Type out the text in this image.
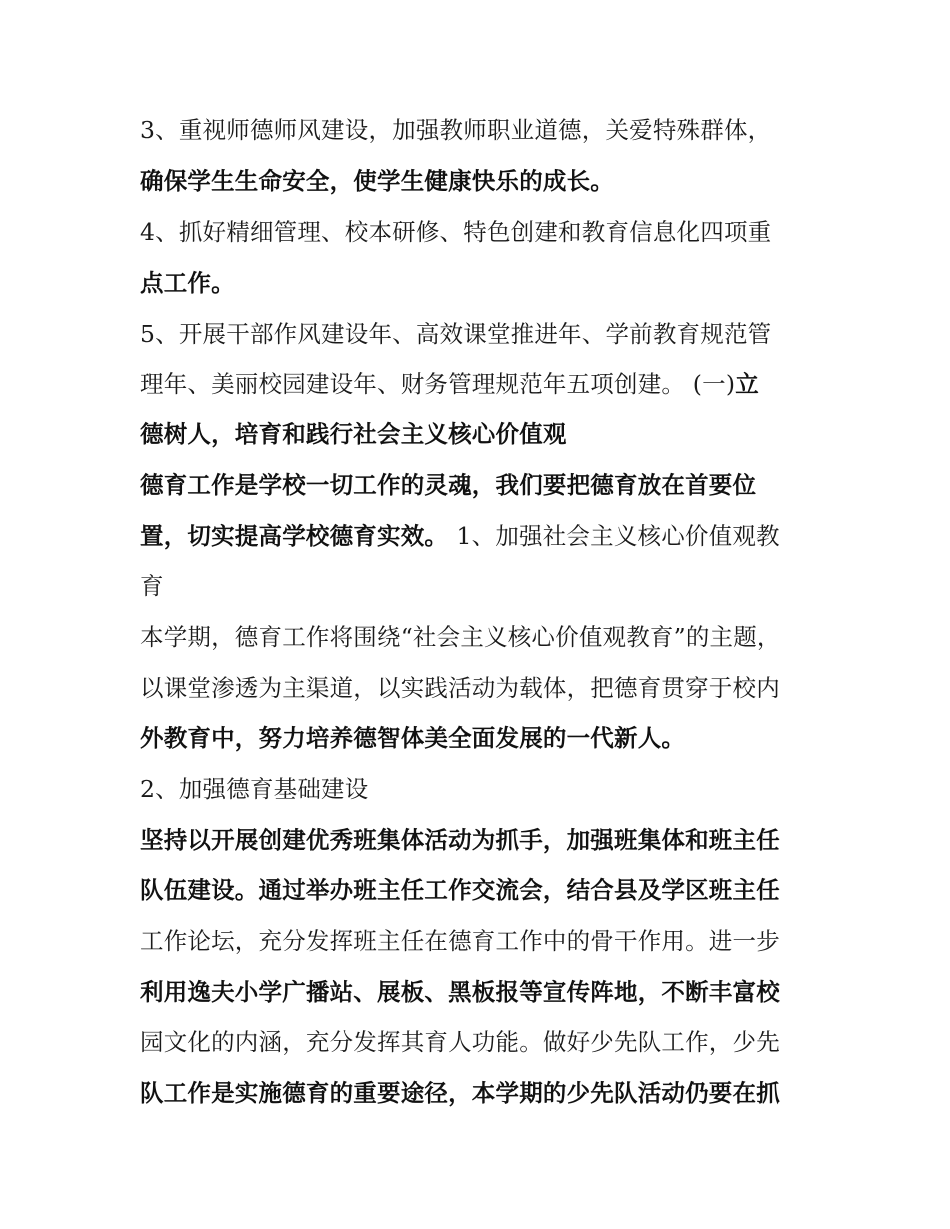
3、重视师德师风建设，加强教师职业道德，关爱特殊群体，
确保学生生命安全，使学生健康快乐的成长。
4、抓好精细管理、校本研修、特色创建和教育信息化四项重
点工作。
5、开展干部作风建设年、高效课堂推进年、学前教育规范管
理年、美丽校园建设年、财务管理规范年五项创建。 (一)立
德树人，培育和践行社会主义核心价值观
德育工作是学校一切工作的灵魂，我们要把德育放在首要位
置，切实提高学校德育实效。 1、加强社会主义核心价值观教
育
本学期，德育工作将围绕“社会主义核心价值观教育”的主题，
以课堂渗透为主渠道，以实践活动为载体，把德育贯穿于校内
外教育中，努力培养德智体美全面发展的一代新人。
2、加强德育基础建设
坚持以开展创建优秀班集体活动为抓手，加强班集体和班主任
队伍建设。通过举办班主任工作交流会，结合县及学区班主任
工作论坛，充分发挥班主任在德育工作中的骨干作用。进一步
利用逸夫小学广播站、展板、黑板报等宣传阵地，不断丰富校
园文化的内涵，充分发挥其育人功能。做好少先队工作，少先
队工作是实施德育的重要途径，本学期的少先队活动仍要在抓
